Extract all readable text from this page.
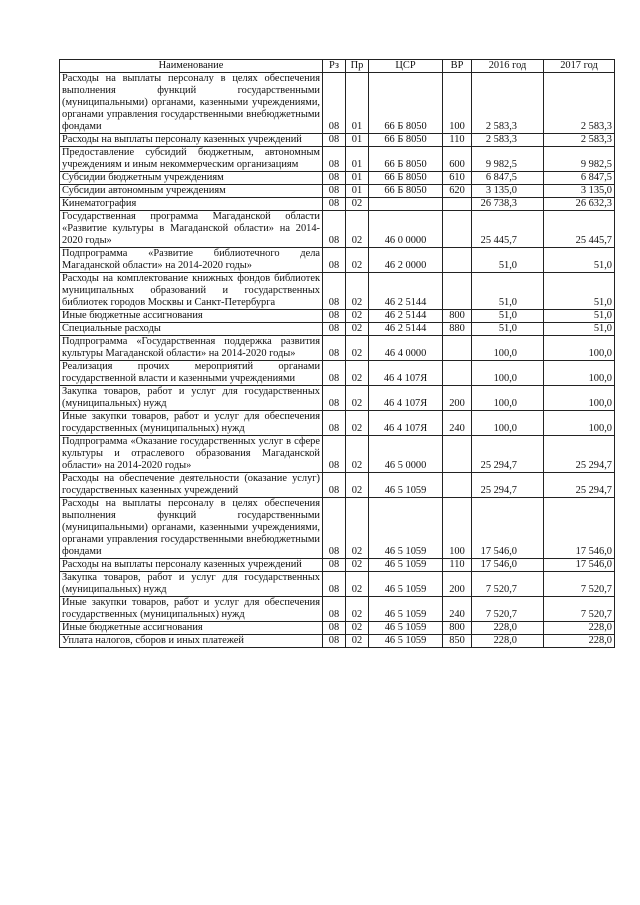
Наименование	Рз	Пр	ЦСР	ВР	2016 год	2017 год
Расходы на выплаты персоналу в целях обеспечения выполнения функций государственными (муниципальными) органами, казенными учреждениями, органами управления государственными внебюджетными фондами	08	01	66 Б 8050	100	2 583,3	2 583,3
Расходы на выплаты персоналу казенных учреждений	08	01	66 Б 8050	110	2 583,3	2 583,3
Предоставление субсидий бюджетным, автономным учреждениям и иным некоммерческим организациям	08	01	66 Б 8050	600	9 982,5	9 982,5
Субсидии бюджетным учреждениям	08	01	66 Б 8050	610	6 847,5	6 847,5
Субсидии автономным учреждениям	08	01	66 Б 8050	620	3 135,0	3 135,0
Кинематография	08	02			26 738,3	26 632,3
Государственная программа Магаданской области «Развитие культуры в Магаданской области» на 2014-2020 годы»	08	02	46 0 0000		25 445,7	25 445,7
Подпрограмма «Развитие библиотечного дела Магаданской области» на 2014-2020 годы»	08	02	46 2 0000		51,0	51,0
Расходы на комплектование книжных фондов библиотек муниципальных образований и государственных библиотек городов Москвы и Санкт-Петербурга	08	02	46 2 5144		51,0	51,0
Иные бюджетные ассигнования	08	02	46 2 5144	800	51,0	51,0
Специальные расходы	08	02	46 2 5144	880	51,0	51,0
Подпрограмма «Государственная поддержка развития культуры Магаданской области» на 2014-2020 годы»	08	02	46 4 0000		100,0	100,0
Реализация прочих мероприятий органами государственной власти и казенными учреждениями	08	02	46 4 107Я		100,0	100,0
Закупка товаров, работ и услуг для государственных (муниципальных) нужд	08	02	46 4 107Я	200	100,0	100,0
Иные закупки товаров, работ и услуг для обеспечения государственных (муниципальных) нужд	08	02	46 4 107Я	240	100,0	100,0
Подпрограмма «Оказание государственных услуг в сфере культуры и отраслевого образования Магаданской области» на 2014-2020 годы»	08	02	46 5 0000		25 294,7	25 294,7
Расходы на обеспечение деятельности (оказание услуг) государственных казенных учреждений	08	02	46 5 1059		25 294,7	25 294,7
Расходы на выплаты персоналу в целях обеспечения выполнения функций государственными (муниципальными) органами, казенными учреждениями, органами управления государственными внебюджетными фондами	08	02	46 5 1059	100	17 546,0	17 546,0
Расходы на выплаты персоналу казенных учреждений	08	02	46 5 1059	110	17 546,0	17 546,0
Закупка товаров, работ и услуг для государственных (муниципальных) нужд	08	02	46 5 1059	200	7 520,7	7 520,7
Иные закупки товаров, работ и услуг для обеспечения государственных (муниципальных) нужд	08	02	46 5 1059	240	7 520,7	7 520,7
Иные бюджетные ассигнования	08	02	46 5 1059	800	228,0	228,0
Уплата налогов, сборов и иных платежей	08	02	46 5 1059	850	228,0	228,0
